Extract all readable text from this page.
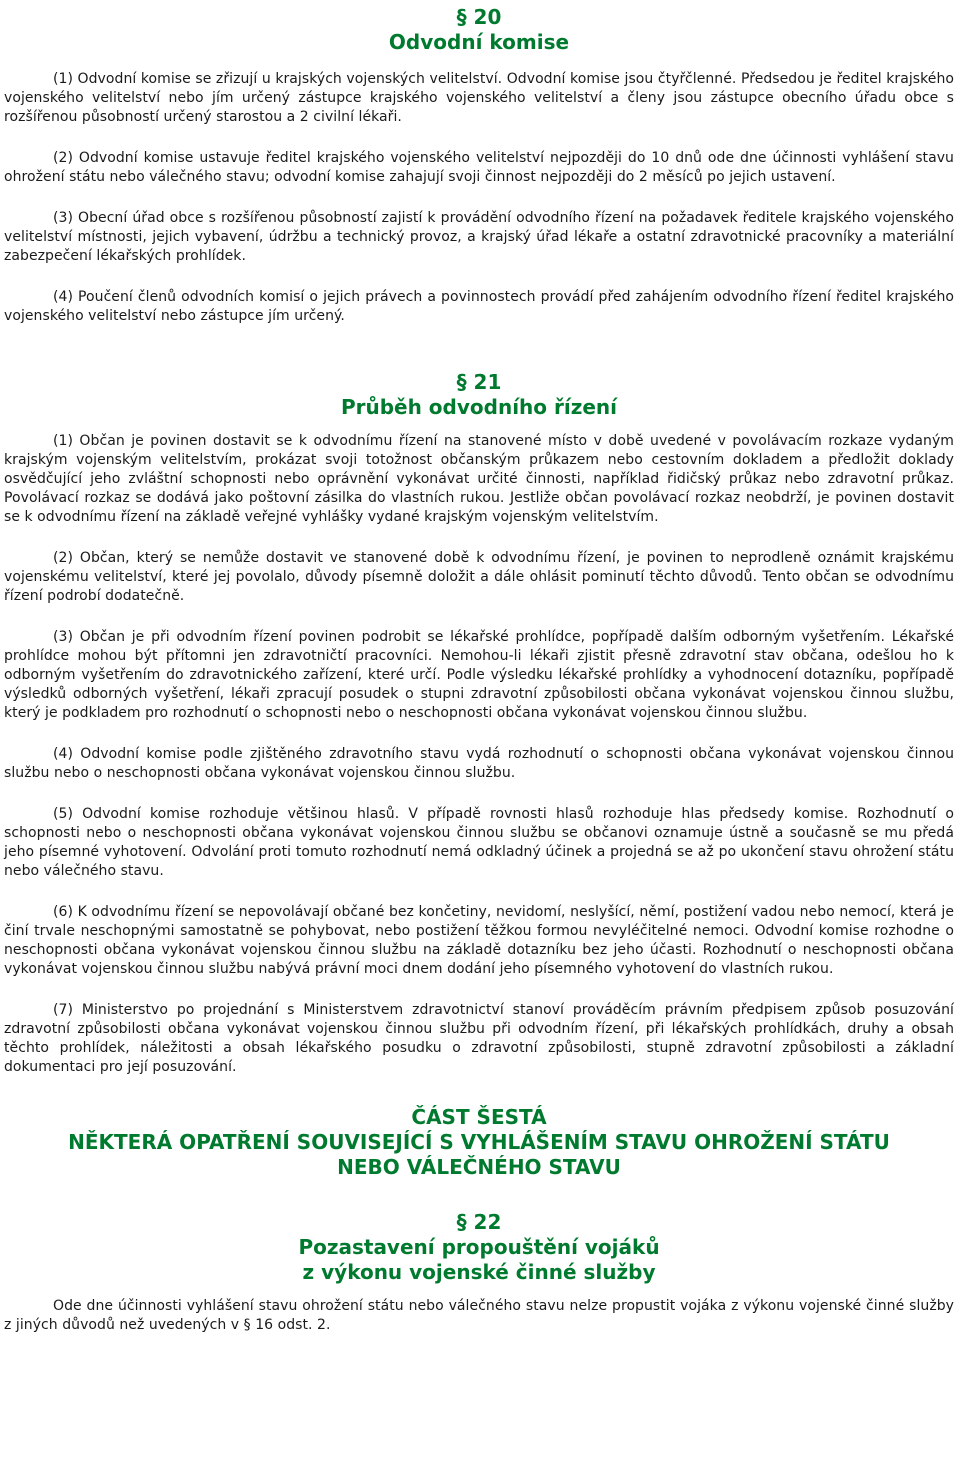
§ 20
Odvodní komise

(1) Odvodní komise se zřizují u krajských vojenských velitelství. Odvodní komise jsou čtyřčlenné. Předsedou je ředitel krajského vojenského velitelství nebo jím určený zástupce krajského vojenského velitelství a členy jsou zástupce obecního úřadu obce s rozšířenou působností určený starostou a 2 civilní lékaři.

(2) Odvodní komise ustavuje ředitel krajského vojenského velitelství nejpozději do 10 dnů ode dne účinnosti vyhlášení stavu ohrožení státu nebo válečného stavu; odvodní komise zahajují svoji činnost nejpozději do 2 měsíců po jejich ustavení.

(3) Obecní úřad obce s rozšířenou působností zajistí k provádění odvodního řízení na požadavek ředitele krajského vojenského velitelství místnosti, jejich vybavení, údržbu a technický provoz, a krajský úřad lékaře a ostatní zdravotnické pracovníky a materiální zabezpečení lékařských prohlídek.

(4) Poučení členů odvodních komisí o jejich právech a povinnostech provádí před zahájením odvodního řízení ředitel krajského vojenského velitelství nebo zástupce jím určený.

§ 21
Průběh odvodního řízení

(1) Občan je povinen dostavit se k odvodnímu řízení na stanovené místo v době uvedené v povolávacím rozkaze vydaným krajským vojenským velitelstvím, prokázat svoji totožnost občanským průkazem nebo cestovním dokladem a předložit doklady osvědčující jeho zvláštní schopnosti nebo oprávnění vykonávat určité činnosti, například řidičský průkaz nebo zdravotní průkaz. Povolávací rozkaz se dodává jako poštovní zásilka do vlastních rukou. Jestliže občan povolávací rozkaz neobdrží, je povinen dostavit se k odvodnímu řízení na základě veřejné vyhlášky vydané krajským vojenským velitelstvím.

(2) Občan, který se nemůže dostavit ve stanovené době k odvodnímu řízení, je povinen to neprodleně oznámit krajskému vojenskému velitelství, které jej povolalo, důvody písemně doložit a dále ohlásit pominutí těchto důvodů. Tento občan se odvodnímu řízení podrobí dodatečně.

(3) Občan je při odvodním řízení povinen podrobit se lékařské prohlídce, popřípadě dalším odborným vyšetřením. Lékařské prohlídce mohou být přítomni jen zdravotničtí pracovníci. Nemohou-li lékaři zjistit přesně zdravotní stav občana, odešlou ho k odborným vyšetřením do zdravotnického zařízení, které určí. Podle výsledku lékařské prohlídky a vyhodnocení dotazníku, popřípadě výsledků odborných vyšetření, lékaři zpracují posudek o stupni zdravotní způsobilosti občana vykonávat vojenskou činnou službu, který je podkladem pro rozhodnutí o schopnosti nebo o neschopnosti občana vykonávat vojenskou činnou službu.

(4) Odvodní komise podle zjištěného zdravotního stavu vydá rozhodnutí o schopnosti občana vykonávat vojenskou činnou službu nebo o neschopnosti občana vykonávat vojenskou činnou službu.

(5) Odvodní komise rozhoduje většinou hlasů. V případě rovnosti hlasů rozhoduje hlas předsedy komise. Rozhodnutí o schopnosti nebo o neschopnosti občana vykonávat vojenskou činnou službu se občanovi oznamuje ústně a současně se mu předá jeho písemné vyhotovení. Odvolání proti tomuto rozhodnutí nemá odkladný účinek a projedná se až po ukončení stavu ohrožení státu nebo válečného stavu.

(6) K odvodnímu řízení se nepovolávají občané bez končetiny, nevidomí, neslyšící, němí, postižení vadou nebo nemocí, která je činí trvale neschopnými samostatně se pohybovat, nebo postižení těžkou formou nevyléčitelné nemoci. Odvodní komise rozhodne o neschopnosti občana vykonávat vojenskou činnou službu na základě dotazníku bez jeho účasti. Rozhodnutí o neschopnosti občana vykonávat vojenskou činnou službu nabývá právní moci dnem dodání jeho písemného vyhotovení do vlastních rukou.

(7) Ministerstvo po projednání s Ministerstvem zdravotnictví stanoví prováděcím právním předpisem způsob posuzování zdravotní způsobilosti občana vykonávat vojenskou činnou službu při odvodním řízení, při lékařských prohlídkách, druhy a obsah těchto prohlídek, náležitosti a obsah lékařského posudku o zdravotní způsobilosti, stupně zdravotní způsobilosti a základní dokumentaci pro její posuzování.

ČÁST ŠESTÁ
NĚKTERÁ OPATŘENÍ SOUVISEJÍCÍ S VYHLÁŠENÍM STAVU OHROŽENÍ STÁTU
NEBO VÁLEČNÉHO STAVU
§ 22
Pozastavení propouštění vojáků
z výkonu vojenské činné služby

Ode dne účinnosti vyhlášení stavu ohrožení státu nebo válečného stavu nelze propustit vojáka z výkonu vojenské činné služby z jiných důvodů než uvedených v § 16 odst. 2.
